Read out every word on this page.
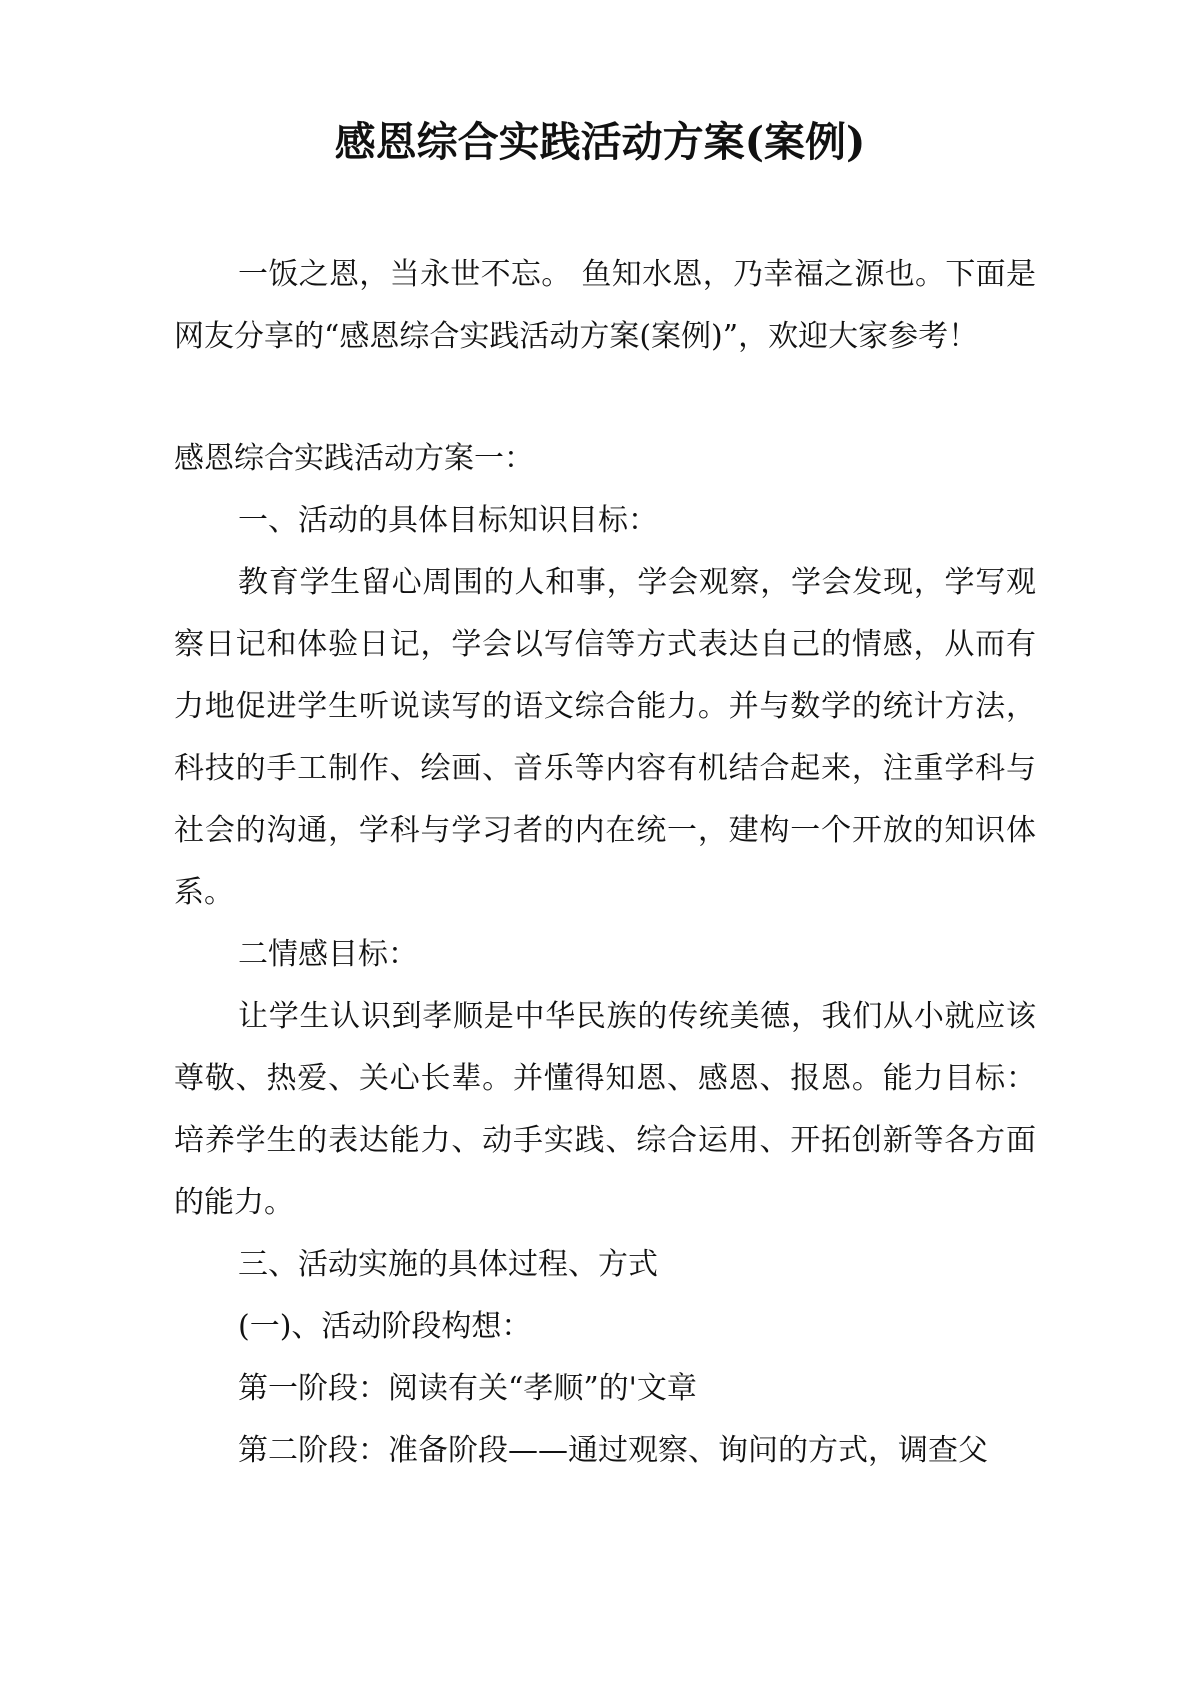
感恩综合实践活动方案(案例)

一饭之恩，当永世不忘。 鱼知水恩，乃幸福之源也。下面是网友分享的“感恩综合实践活动方案(案例)”，欢迎大家参考！

感恩综合实践活动方案一：

一、活动的具体目标知识目标：

教育学生留心周围的人和事，学会观察，学会发现，学写观察日记和体验日记，学会以写信等方式表达自己的情感，从而有力地促进学生听说读写的语文综合能力。并与数学的统计方法，科技的手工制作、绘画、音乐等内容有机结合起来，注重学科与社会的沟通，学科与学习者的内在统一，建构一个开放的知识体系。

二情感目标：

让学生认识到孝顺是中华民族的传统美德，我们从小就应该尊敬、热爱、关心长辈。并懂得知恩、感恩、报恩。能力目标：培养学生的表达能力、动手实践、综合运用、开拓创新等各方面的能力。

三、活动实施的具体过程、方式

(一)、活动阶段构想：

第一阶段：阅读有关“孝顺”的'文章

第二阶段：准备阶段——通过观察、询问的方式，调查父
